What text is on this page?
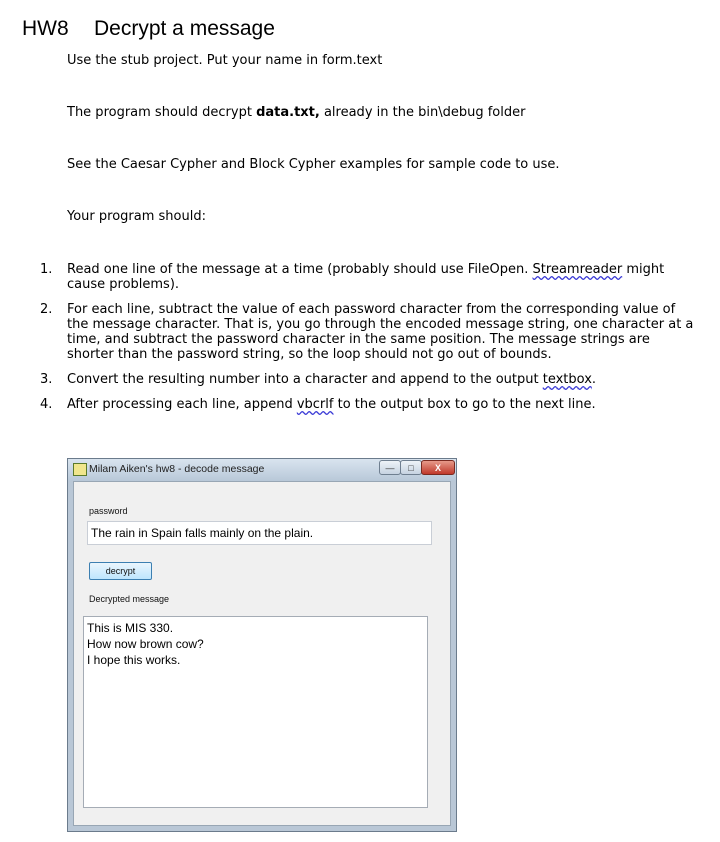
HW8 Decrypt a message
Use the stub project. Put your name in form.text
The program should decrypt data.txt, already in the bin\debug folder
See the Caesar Cypher and Block Cypher examples for sample code to use.
Your program should:
1. Read one line of the message at a time (probably should use FileOpen. Streamreader might cause problems).
2. For each line, subtract the value of each password character from the corresponding value of the message character. That is, you go through the encoded message string, one character at a time, and subtract the password character in the same position. The message strings are shorter than the password string, so the loop should not go out of bounds.
3. Convert the resulting number into a character and append to the output textbox.
4. After processing each line, append vbcrlf to the output box to go to the next line.
Milam Aiken's hw8 - decode message	—	□	X
password
The rain in Spain falls mainly on the plain.
decrypt
Decrypted message
This is MIS 330.
How now brown cow?
I hope this works.
